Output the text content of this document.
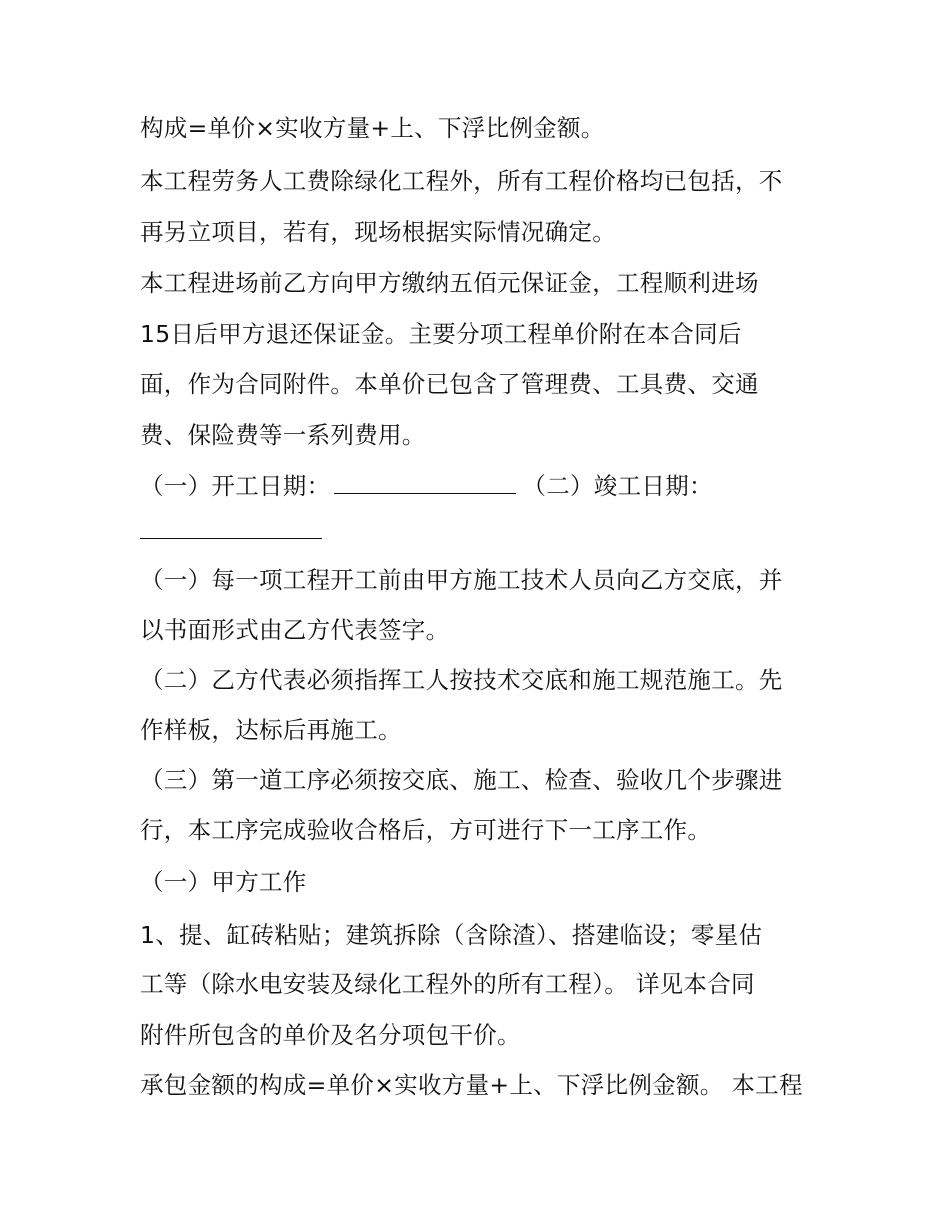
构成=单价×实收方量+上、下浮比例金额。
本工程劳务人工费除绿化工程外，所有工程价格均已包括，不
再另立项目，若有，现场根据实际情况确定。
本工程进场前乙方向甲方缴纳五佰元保证金，工程顺利进场
15日后甲方退还保证金。主要分项工程单价附在本合同后
面，作为合同附件。本单价已包含了管理费、工具费、交通
费、保险费等一系列费用。
（一）开工日期：	（二）竣工日期：
（一）每一项工程开工前由甲方施工技术人员向乙方交底，并
以书面形式由乙方代表签字。
（二）乙方代表必须指挥工人按技术交底和施工规范施工。先
作样板，达标后再施工。
（三）第一道工序必须按交底、施工、检查、验收几个步骤进
行，本工序完成验收合格后，方可进行下一工序工作。
（一）甲方工作
1、提、缸砖粘贴；建筑拆除（含除渣）、搭建临设；零星估
工等（除水电安装及绿化工程外的所有工程）。 详见本合同
附件所包含的单价及名分项包干价。
承包金额的构成=单价×实收方量+上、下浮比例金额。 本工程
